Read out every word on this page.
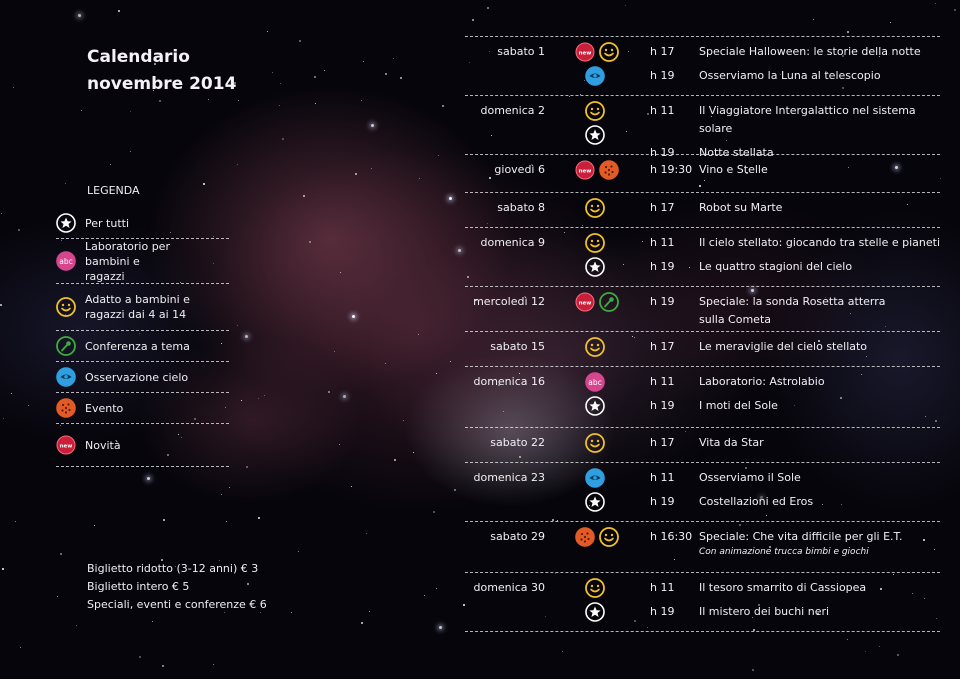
Calendario
novembre 2014
LEGENDA
Per tutti
abc
Laboratorio per bambini e ragazzi
Adatto a bambini e ragazzi dai 4 ai 14
Conferenza a tema
Osservazione cielo
Evento
new Novità
Biglietto ridotto (3-12 anni) € 3
Biglietto intero € 5
Speciali, eventi e conferenze € 6
sabato 1	new	h 17	Speciale Halloween: le storie della notte
h 19	Osserviamo la Luna al telescopio
domenica 2	h 11	Il Viaggiatore Intergalattico nel sistema solare
h 19	Notte stellata
giovedì 6	new	h 19:30 Vino e Stelle
sabato 8	h 17	Robot su Marte
domenica 9	h 11	Il cielo stellato: giocando tra stelle e pianeti
h 19	Le quattro stagioni del cielo
mercoledì 12	new	h 19	Speciale: la sonda Rosetta atterra
sulla Cometa
sabato 15	h 17	Le meraviglie del cielo stellato
domenica 16	abc	h 11	Laboratorio: Astrolabio
h 19	I moti del Sole
sabato 22	h 17	Vita da Star
domenica 23	h 11	Osserviamo il Sole
h 19	Costellazioni ed Eros
sabato 29	h 16:30 Speciale: Che vita difficile per gli E.T.
Con animazione trucca bimbi e giochi
domenica 30	h 11	Il tesoro smarrito di Cassiopea
h 19	Il mistero dei buchi neri
